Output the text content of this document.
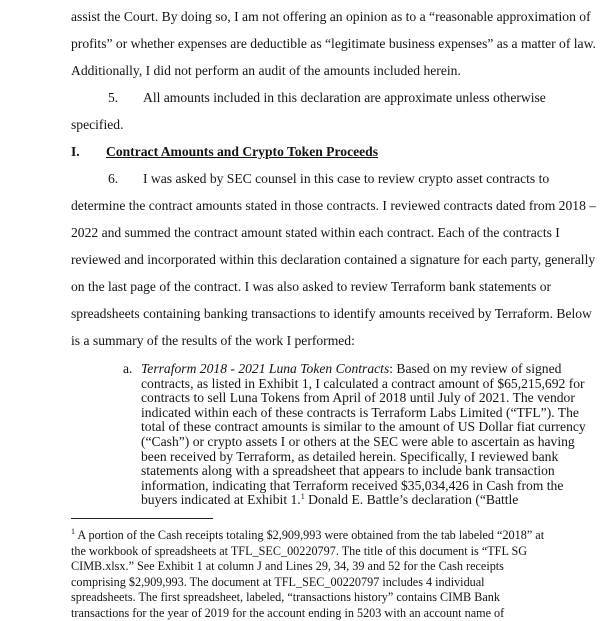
assist the Court. By doing so, I am not offering an opinion as to a “reasonable approximation of
profits” or whether expenses are deductible as “legitimate business expenses” as a matter of law.
Additionally, I did not perform an audit of the amounts included herein.
5. All amounts included in this declaration are approximate unless otherwise
specified.
I. Contract Amounts and Crypto Token Proceeds
6. I was asked by SEC counsel in this case to review crypto asset contracts to
determine the contract amounts stated in those contracts. I reviewed contracts dated from 2018 –
2022 and summed the contract amount stated within each contract. Each of the contracts I
reviewed and incorporated within this declaration contained a signature for each party, generally
on the last page of the contract. I was also asked to review Terraform bank statements or
spreadsheets containing banking transactions to identify amounts received by Terraform. Below
is a summary of the results of the work I performed:
a. Terraform 2018 - 2021 Luna Token Contracts: Based on my review of signed
contracts, as listed in Exhibit 1, I calculated a contract amount of $65,215,692 for
contracts to sell Luna Tokens from April of 2018 until July of 2021. The vendor
indicated within each of these contracts is Terraform Labs Limited (“TFL”). The
total of these contract amounts is similar to the amount of US Dollar fiat currency
(“Cash”) or crypto assets I or others at the SEC were able to ascertain as having
been received by Terraform, as detailed herein. Specifically, I reviewed bank
statements along with a spreadsheet that appears to include bank transaction
information, indicating that Terraform received $35,034,426 in Cash from the
buyers indicated at Exhibit 1.$^1$ Donald E. Battle’s declaration (“Battle
$^1$ A portion of the Cash receipts totaling $2,909,993 were obtained from the tab labeled “2018” at
the workbook of spreadsheets at TFL_SEC_00220797. The title of this document is “TFL SG
CIMB.xlsx.” See Exhibit 1 at column J and Lines 29, 34, 39 and 52 for the Cash receipts
comprising $2,909,993. The document at TFL_SEC_00220797 includes 4 individual
spreadsheets. The first spreadsheet, labeled, “transactions history” contains CIMB Bank
transactions for the year of 2019 for the account ending in 5203 with an account name of
